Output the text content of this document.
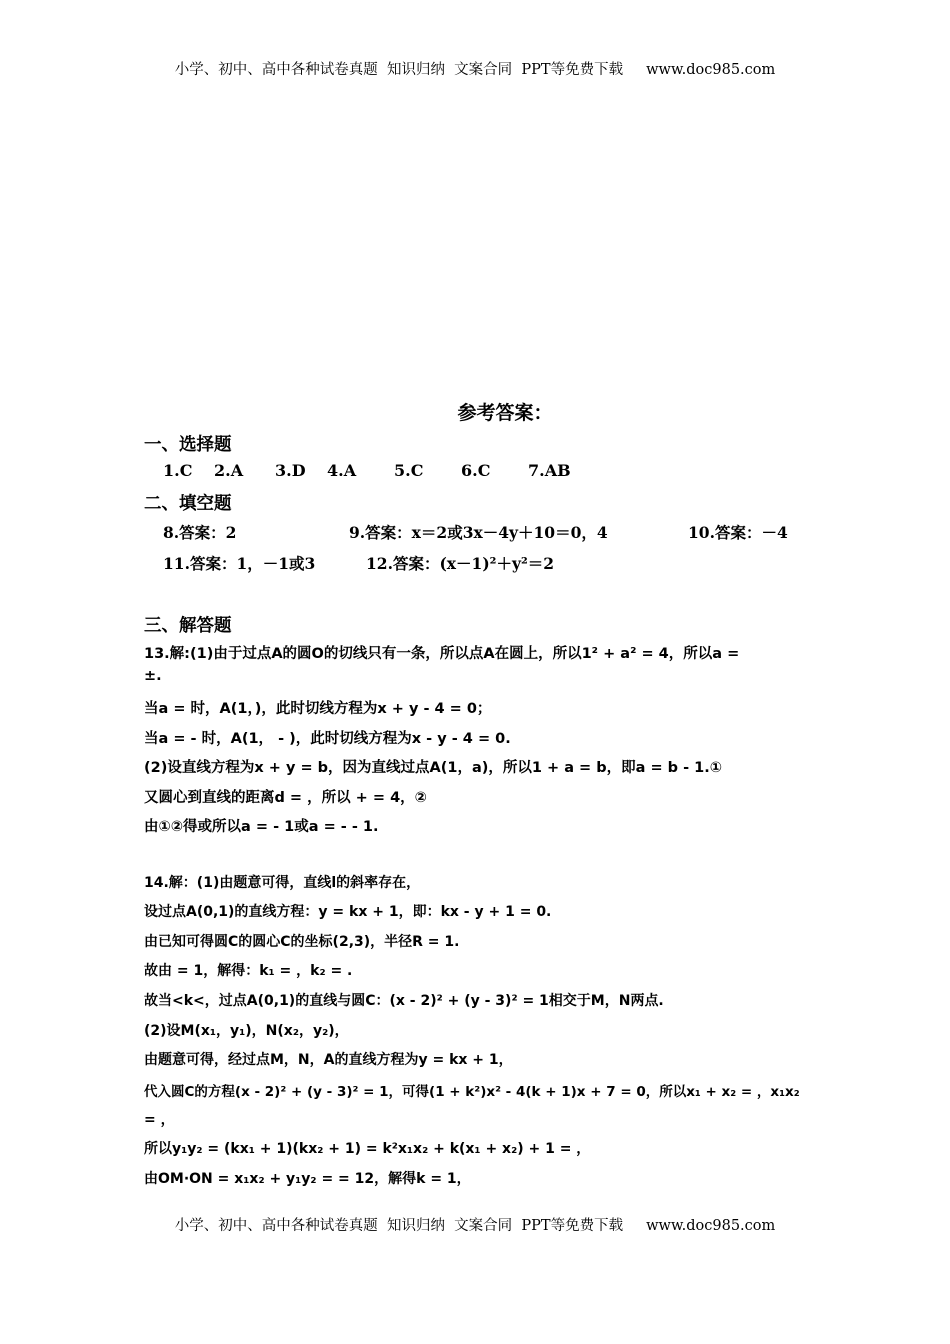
小学、初中、高中各种试卷真题  知识归纳  文案合同  PPT等免费下载     www.doc985.com
参考答案：
一、选择题
1.C 2.A 3.D 4.A 5.C 6.C 7.AB
二、填空题
8.答案：2	9.答案：x＝2或3x－4y＋10＝0，4	10.答案：－4
11.答案：1，－1或3	12.答案：(x－1)²＋y²＝2
三、解答题
13.解:(1)由于过点A的圆O的切线只有一条，所以点A在圆上，所以1² + a² = 4，所以a =
±.
当a = 时，A(1，)，此时切线方程为x + y - 4 = 0；
当a = - 时，A(1， - )，此时切线方程为x - y - 4 = 0.
(2)设直线方程为x + y = b，因为直线过点A(1，a)，所以1 + a = b，即a = b - 1.①
又圆心到直线的距离d = ，所以 + = 4，②
由①②得或所以a = - 1或a = - - 1.
14.解：(1)由题意可得，直线l的斜率存在，
设过点A(0,1)的直线方程：y = kx + 1，即：kx - y + 1 = 0.
由已知可得圆C的圆心C的坐标(2,3)，半径R = 1.
故由 = 1，解得：k₁ = ，k₂ = .
故当<k<，过点A(0,1)的直线与圆C：(x - 2)² + (y - 3)² = 1相交于M，N两点.
(2)设M(x₁，y₁)，N(x₂，y₂)，
由题意可得，经过点M，N，A的直线方程为y = kx + 1，
代入圆C的方程(x - 2)² + (y - 3)² = 1，可得(1 + k²)x² - 4(k + 1)x + 7 = 0，所以x₁ + x₂ = ，x₁x₂
= ，
所以y₁y₂ = (kx₁ + 1)(kx₂ + 1) = k²x₁x₂ + k(x₁ + x₂) + 1 = ，
由OM·ON = x₁x₂ + y₁y₂ = = 12，解得k = 1，
小学、初中、高中各种试卷真题  知识归纳  文案合同  PPT等免费下载     www.doc985.com
